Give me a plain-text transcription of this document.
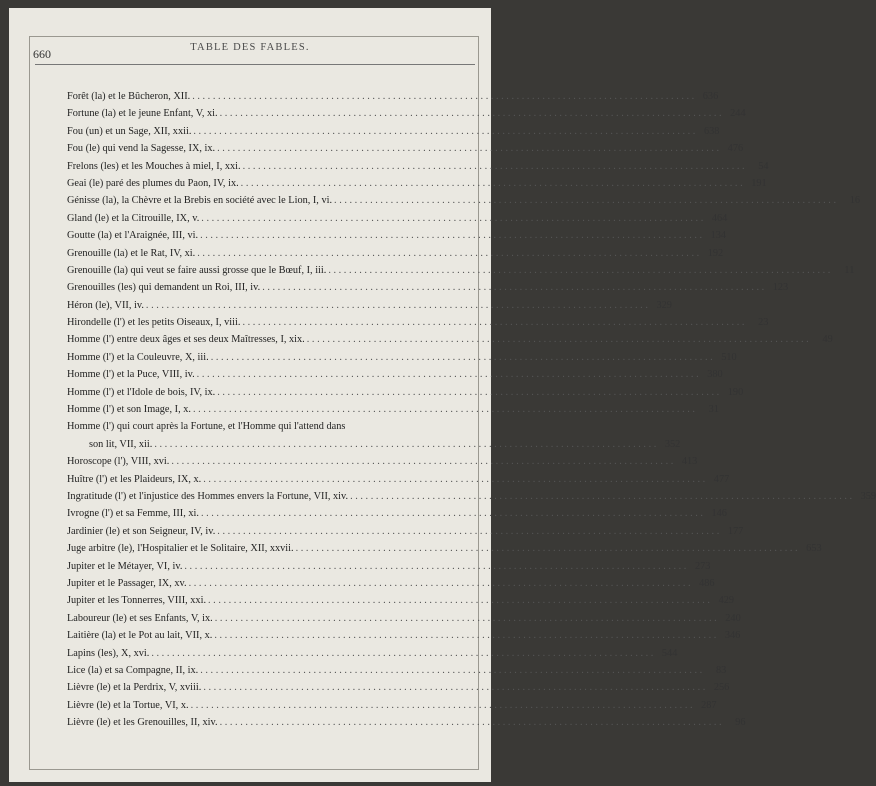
660	TABLE DES FABLES.
Forêt (la) et le Bûcheron, XII. . . .	636
Fortune (la) et le jeune Enfant, V, xi. . . .	244
Fou (un) et un Sage, XII, xxii. . . .	638
Fou (le) qui vend la Sagesse, IX, ix. . . .	476
Frelons (les) et les Mouches à miel, I, xxi. . . .	54
Geai (le) paré des plumes du Paon, IV, ix. . . .	191
Génisse (la), la Chèvre et la Brebis en société avec le Lion, I, vi. . . .	16
Gland (le) et la Citrouille, IX, v. . . .	464
Goutte (la) et l'Araignée, III, vi. . . .	134
Grenouille (la) et le Rat, IV, xi. . . .	192
Grenouille (la) qui veut se faire aussi grosse que le Bœuf, I, iii. . . .	11
Grenouilles (les) qui demandent un Roi, III, iv. . . .	123
Héron (le), VII, iv. . . .	329
Hirondelle (l') et les petits Oiseaux, I, viii. . . .	23
Homme (l') entre deux âges et ses deux Maîtresses, I, xix. . . .	49
Homme (l') et la Couleuvre, X, iii. . . .	510
Homme (l') et la Puce, VIII, iv. . . .	380
Homme (l') et l'Idole de bois, IV, ix. . . .	190
Homme (l') et son Image, I, x. . . .	31
Homme (l') qui court après la Fortune, et l'Homme qui l'attend dans
son lit, VII, xii. . . .	352
Horoscope (l'), VIII, xvi. . . .	413
Huître (l') et les Plaideurs, IX, x. . . .	477
Ingratitude (l') et l'injustice des Hommes envers la Fortune, VII, xiv. . . .	359
Ivrogne (l') et sa Femme, III, xi. . . .	146
Jardinier (le) et son Seigneur, IV, iv. . . .	177
Juge arbitre (le), l'Hospitalier et le Solitaire, XII, xxvii. . . .	653
Jupiter et le Métayer, VI, iv. . . .	273
Jupiter et le Passager, IX, xv. . . .	486
Jupiter et les Tonnerres, VIII, xxi. . . .	429
Laboureur (le) et ses Enfants, V, ix. . . .	240
Laitière (la) et le Pot au lait, VII, x. . . .	346
Lapins (les), X, xvi. . . .	544
Lice (la) et sa Compagne, II, ix. . . .	83
Lièvre (le) et la Perdrix, V, xviii. . . .	256
Lièvre (le) et la Tortue, VI, x. . . .	287
Lièvre (le) et les Grenouilles, II, xiv. . . .	96
